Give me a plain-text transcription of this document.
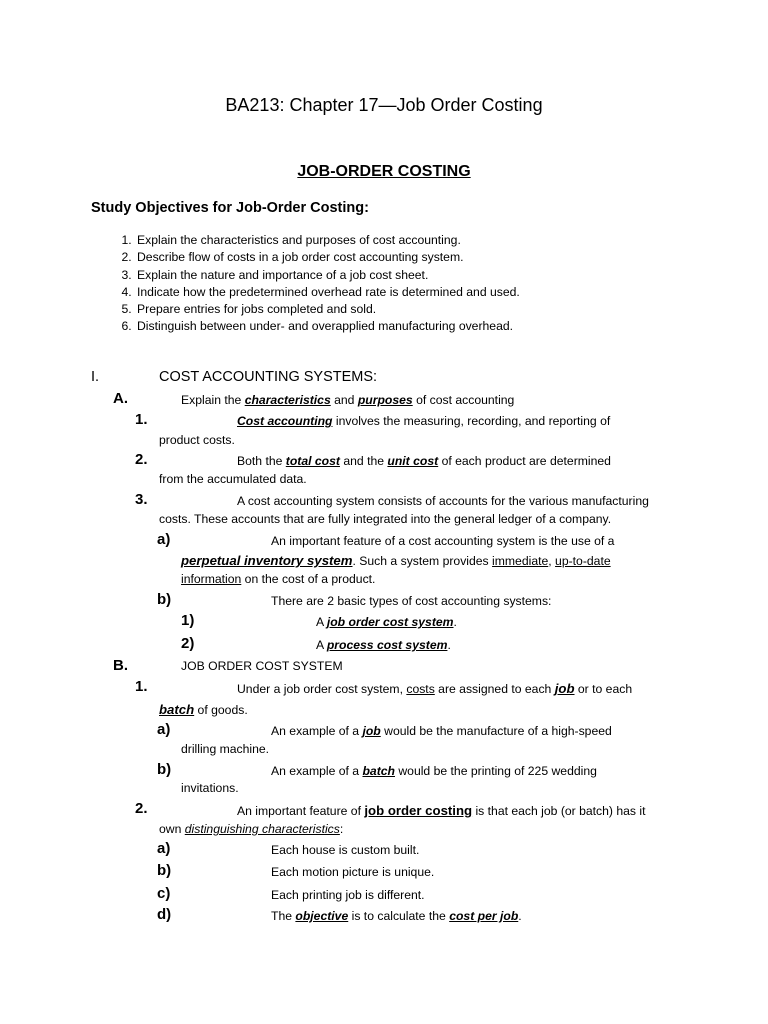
BA213: Chapter 17—Job Order Costing
JOB-ORDER COSTING
Study Objectives for Job-Order Costing:
1. Explain the characteristics and purposes of cost accounting.
2. Describe flow of costs in a job order cost accounting system.
3. Explain the nature and importance of a job cost sheet.
4. Indicate how the predetermined overhead rate is determined and used.
5. Prepare entries for jobs completed and sold.
6. Distinguish between under- and overapplied manufacturing overhead.
I.	COST ACCOUNTING SYSTEMS:
A.	Explain the characteristics and purposes of cost accounting
1.	Cost accounting involves the measuring, recording, and reporting of
product costs.
2.	Both the total cost and the unit cost of each product are determined
from the accumulated data.
3.	A cost accounting system consists of accounts for the various manufacturing
costs. These accounts that are fully integrated into the general ledger of a company.
a)	An important feature of a cost accounting system is the use of a
perpetual inventory system. Such a system provides immediate, up-to-date
information on the cost of a product.
b)	There are 2 basic types of cost accounting systems:
1)	A job order cost system.
2)	A process cost system.
B.	JOB ORDER COST SYSTEM
1.	Under a job order cost system, costs are assigned to each job or to each
batch of goods.
a)	An example of a job would be the manufacture of a high-speed
drilling machine.
b)	An example of a batch would be the printing of 225 wedding
invitations.
2.	An important feature of job order costing is that each job (or batch) has it
own distinguishing characteristics:
a)	Each house is custom built.
b)	Each motion picture is unique.
c)	Each printing job is different.
d)	The objective is to calculate the cost per job.
